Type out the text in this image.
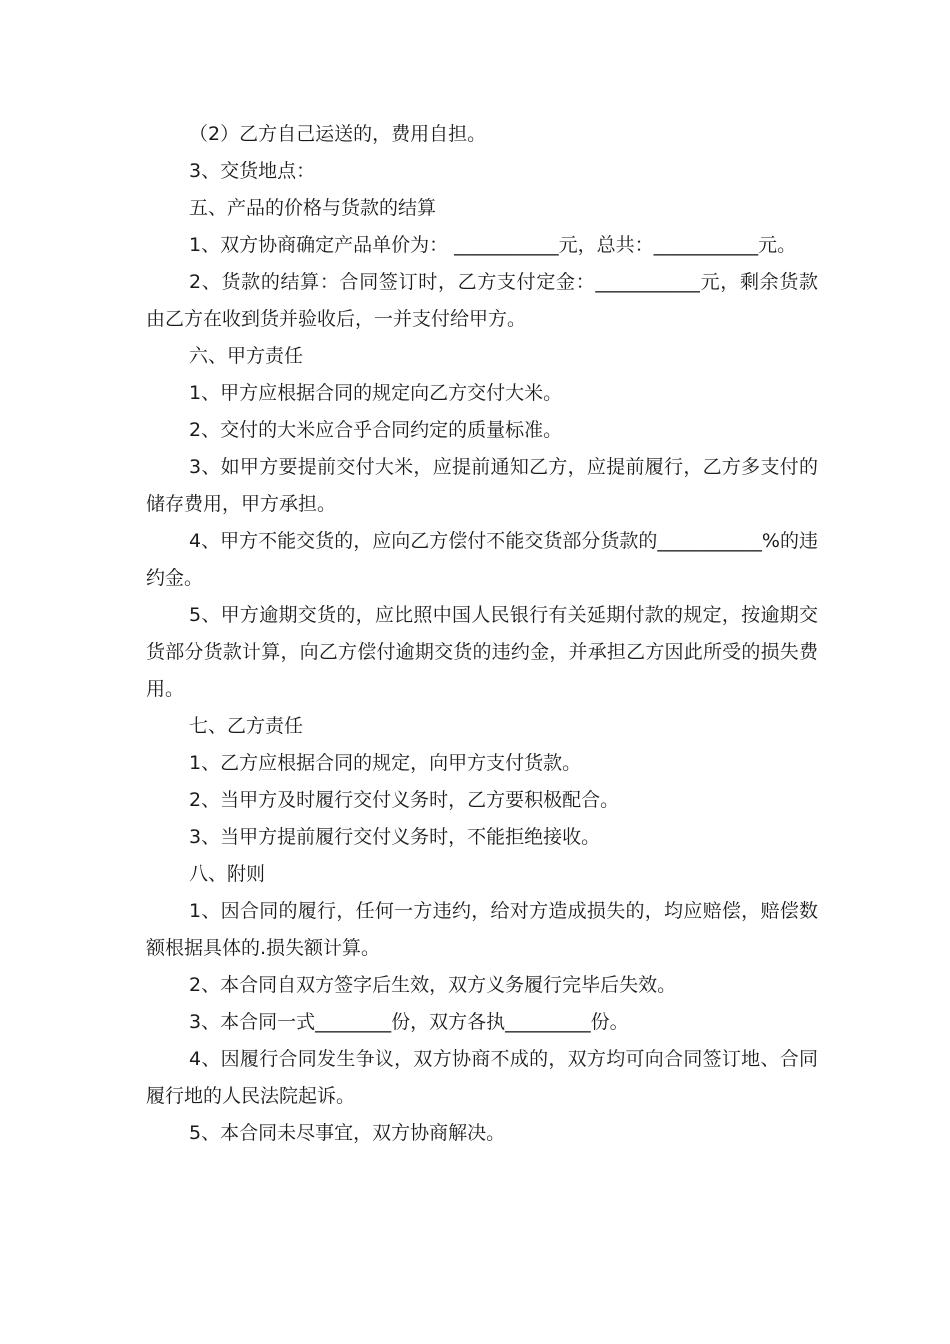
（2）乙方自己运送的，费用自担。

3、交货地点：

五、产品的价格与货款的结算

1、双方协商确定产品单价为： ___________元，总共：___________元。

2、货款的结算：合同签订时，乙方支付定金：___________元，剩余货款由乙方在收到货并验收后，一并支付给甲方。

六、甲方责任

1、甲方应根据合同的规定向乙方交付大米。

2、交付的大米应合乎合同约定的质量标准。

3、如甲方要提前交付大米，应提前通知乙方，应提前履行，乙方多支付的储存费用，甲方承担。

4、甲方不能交货的，应向乙方偿付不能交货部分货款的___________%的违约金。

5、甲方逾期交货的，应比照中国人民银行有关延期付款的规定，按逾期交货部分货款计算，向乙方偿付逾期交货的违约金，并承担乙方因此所受的损失费用。

七、乙方责任

1、乙方应根据合同的规定，向甲方支付货款。

2、当甲方及时履行交付义务时，乙方要积极配合。

3、当甲方提前履行交付义务时，不能拒绝接收。

八、附则

1、因合同的履行，任何一方违约，给对方造成损失的，均应赔偿，赔偿数额根据具体的.损失额计算。

2、本合同自双方签字后生效，双方义务履行完毕后失效。

3、本合同一式________份，双方各执_________份。

4、因履行合同发生争议，双方协商不成的，双方均可向合同签订地、合同履行地的人民法院起诉。

5、本合同未尽事宜，双方协商解决。
